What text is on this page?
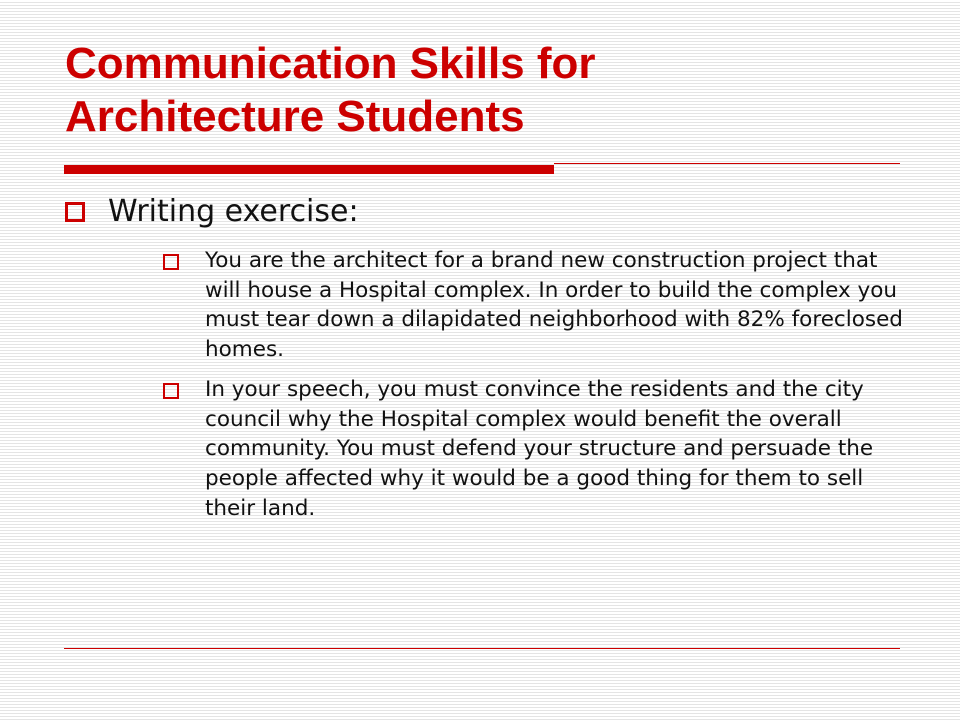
Communication Skills for
Architecture Students
Writing exercise:
You are the architect for a brand new construction project that will house a Hospital complex. In order to build the complex you must tear down a dilapidated neighborhood with 82% foreclosed homes.
In your speech, you must convince the residents and the city council why the Hospital complex would benefit the overall community. You must defend your structure and persuade the people affected why it would be a good thing for them to sell their land.
